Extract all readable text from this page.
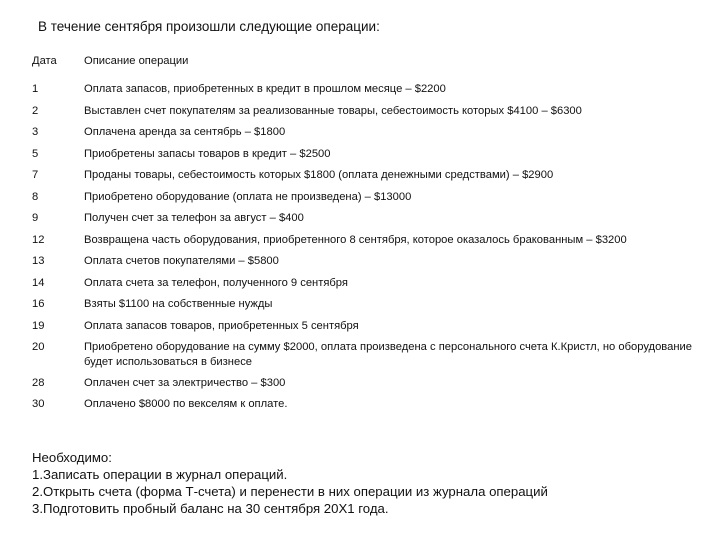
В течение сентября произошли следующие операции:
Дата	Описание операции
1	Оплата запасов, приобретенных в кредит в прошлом месяце – $2200
2	Выставлен счет покупателям за реализованные товары, себестоимость которых $4100 – $6300
3	Оплачена аренда за сентябрь – $1800
5	Приобретены запасы товаров в кредит – $2500
7	Проданы товары, себестоимость которых $1800 (оплата денежными средствами) – $2900
8	Приобретено оборудование (оплата не произведена) – $13000
9	Получен счет за телефон за август – $400
12	Возвращена часть оборудования, приобретенного 8 сентября, которое оказалось бракованным – $3200
13	Оплата счетов покупателями – $5800
14	Оплата счета за телефон, полученного 9 сентября
16	Взяты $1100 на собственные нужды
19	Оплата запасов товаров, приобретенных 5 сентября
20	Приобретено оборудование на сумму $2000, оплата произведена с персонального счета К.Кристл, но оборудование будет использоваться в бизнесе
28	Оплачен счет за электричество – $300
30	Оплачено $8000 по векселям к оплате.
Необходимо:
1.Записать операции в журнал операций.
2.Открыть счета (форма Т-счета) и перенести в них операции из журнала операций
3.Подготовить пробный баланс на 30 сентября 20Х1 года.
